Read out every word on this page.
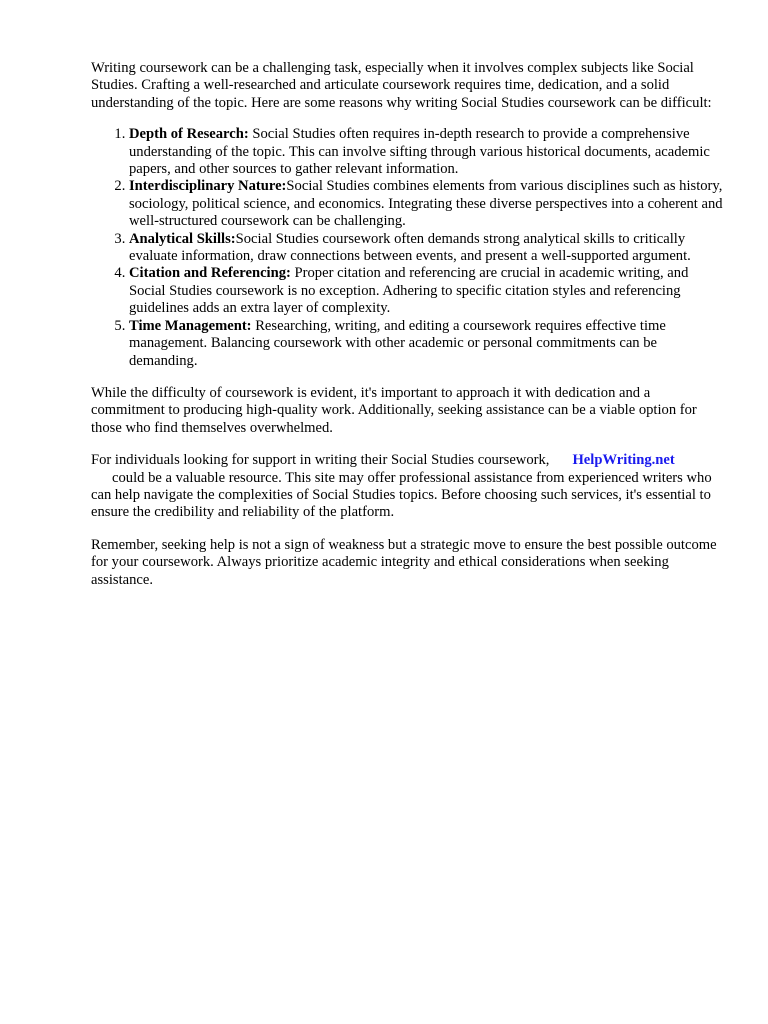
Writing coursework can be a challenging task, especially when it involves complex subjects like Social Studies. Crafting a well-researched and articulate coursework requires time, dedication, and a solid understanding of the topic. Here are some reasons why writing Social Studies coursework can be difficult:

1. Depth of Research: Social Studies often requires in-depth research to provide a comprehensive understanding of the topic. This can involve sifting through various historical documents, academic papers, and other sources to gather relevant information.
2. Interdisciplinary Nature:Social Studies combines elements from various disciplines such as history, sociology, political science, and economics. Integrating these diverse perspectives into a coherent and well-structured coursework can be challenging.
3. Analytical Skills:Social Studies coursework often demands strong analytical skills to critically evaluate information, draw connections between events, and present a well-supported argument.
4. Citation and Referencing: Proper citation and referencing are crucial in academic writing, and Social Studies coursework is no exception. Adhering to specific citation styles and referencing guidelines adds an extra layer of complexity.
5. Time Management: Researching, writing, and editing a coursework requires effective time management. Balancing coursework with other academic or personal commitments can be demanding.

While the difficulty of coursework is evident, it's important to approach it with dedication and a commitment to producing high-quality work. Additionally, seeking assistance can be a viable option for those who find themselves overwhelmed.

For individuals looking for support in writing their Social Studies coursework, HelpWriting.net
could be a valuable resource. This site may offer professional assistance from experienced writers who can help navigate the complexities of Social Studies topics. Before choosing such services, it's essential to ensure the credibility and reliability of the platform.

Remember, seeking help is not a sign of weakness but a strategic move to ensure the best possible outcome for your coursework. Always prioritize academic integrity and ethical considerations when seeking assistance.
